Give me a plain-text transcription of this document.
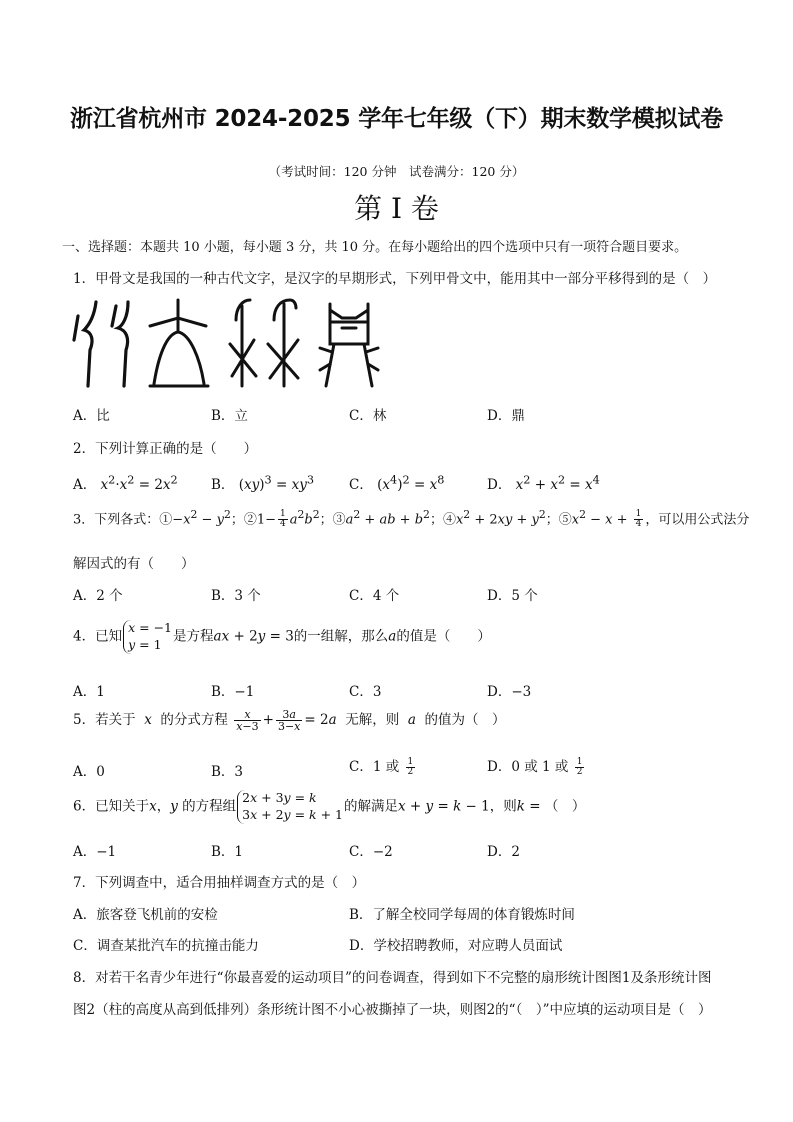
浙江省杭州市 2024-2025 学年七年级（下）期末数学模拟试卷
（考试时间：120 分钟　试卷满分：120 分）
第 I 卷
一、选择题：本题共 10 小题，每小题 3 分，共 10 分。在每小题给出的四个选项中只有一项符合题目要求。
1．甲骨文是我国的一种古代文字，是汉字的早期形式，下列甲骨文中，能用其中一部分平移得到的是（　）
A．比	B．立	C．林	D．鼎
2．下列计算正确的是（　　）
A． $x^2\cdot x^2 = 2x^2$ B． $(xy)^3 = xy^3$	C． $(x^4)^2 = x^8$	D． $x^2 + x^2 = x^4$
3．下列各式：$①-x^2 - y^2$；②1− $\frac{1}{4} a^2b^2$；$③a^2$ + ab + $b^2$；$④x^2 + 2xy + y^2$；$⑤x^2 - x + \frac{1}{4}$ ，可以用公式法分
解因式的有（　　）
A．2 个	B．3 个	C．4 个	D．5 个
4．已知
x = −1
y = 1 是方程ax + 2y = 3的一组解，那么a的值是（　　）
A．1	B．−1	C．3	D．−3
5．若关于 x 的分式方程 $\frac{x}{x-3} + \frac{3a}{3-x} = 2a$ 无解，则 a 的值为（　）
A．0	B．3	C．1 或 $\frac{1}{2}$	D．0 或 1 或 $\frac{1}{2}$
6．已知关于x，y 的方程组
2x + 3y = k
3x + 2y = k + 1 的解满足x + y = k − 1，则k = （　）
A．−1	B．1	C．−2	D．2
7．下列调查中，适合用抽样调查方式的是（　）
A．旅客登飞机前的安检	B．了解全校同学每周的体育锻炼时间
C．调查某批汽车的抗撞击能力	D．学校招聘教师，对应聘人员面试
8．对若干名青少年进行“你最喜爱的运动项目”的问卷调查，得到如下不完整的扇形统计图图1及条形统计图
图2（柱的高度从高到低排列）条形统计图不小心被撕掉了一块，则图2的“（　）”中应填的运动项目是（　）
